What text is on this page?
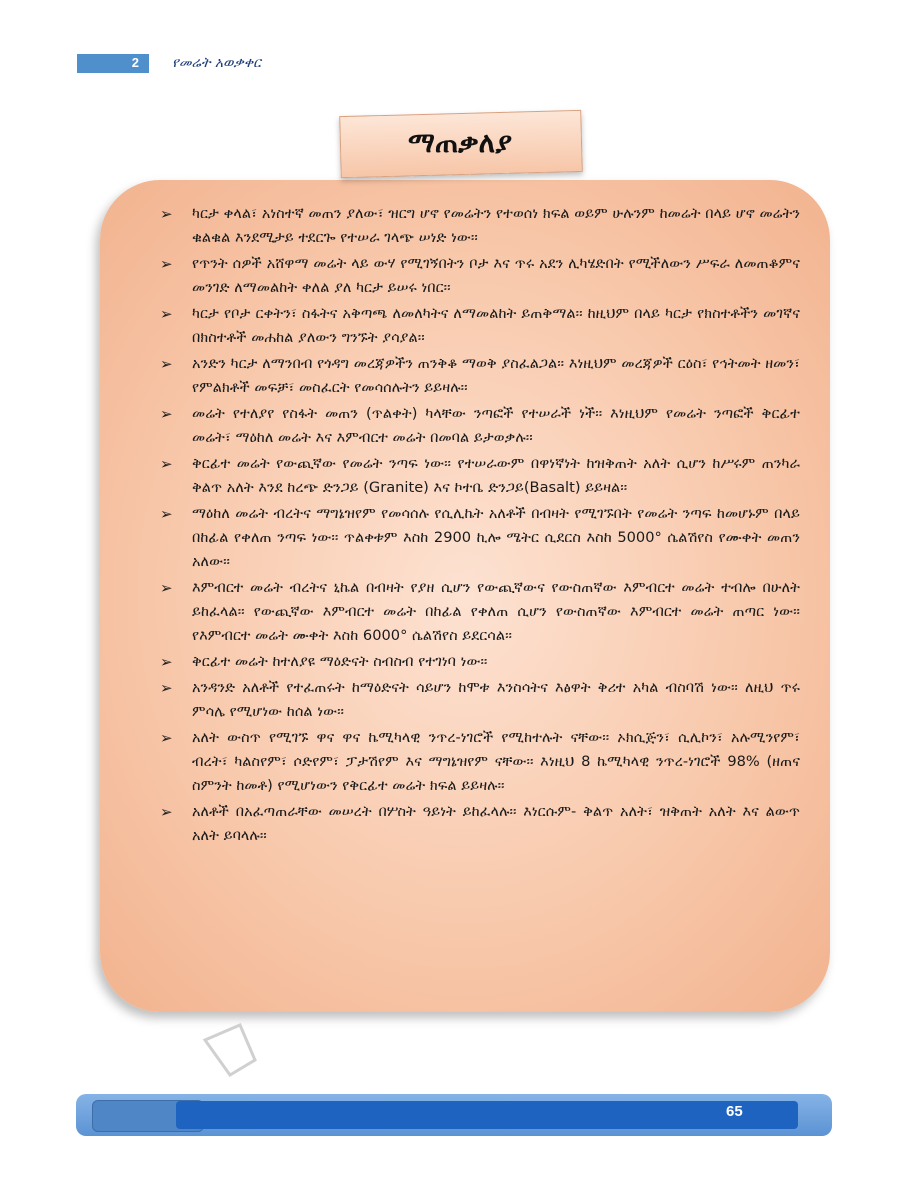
2 የመሬት አወቃቀር
ማጠቃለያ
➢ ካርታ ቀላል፣ አነስተኛ መጠን ያለው፣ ዝርግ ሆኖ የመሬትን የተወሰነ ክፍል ወይም ሁሉንም ከመሬት በላይ ሆኖ መሬትን ቁልቁል እንደሚታይ ተደርጐ የተሠራ ገላጭ ሠነድ ነው፡፡
➢ የጥንት ሰዎች አሸዋማ መሬት ላይ ውሃ የሚገኝበትን ቦታ እና ጥሩ አደን ሊካሄድበት የሚችለውን ሥፍራ ለመጠቆምና መንገድ ለማመልከት ቀለል ያለ ካርታ ይሠሩ ነበር፡፡
➢ ካርታ የቦታ ርቀትን፣ ስፋትና አቅጣጫ ለመለካትና ለማመልከት ይጠቅማል፡፡ ከዚህም በላይ ካርታ የክስተቶችን መገኛና በክስተቶች መሐከል ያለውን ግንኙት ያሳያል፡፡
➢ አንድን ካርታ ለማንበብ የጎዳግ መረጃዎችን ጠንቅቆ ማወቅ ያስፈልጋል፡፡ እነዚህም መረጃዎች ርዕስ፣ የኅትመት ዘመን፣ የምልክቶች መፍቻ፣ መስፈርት የመሳሰሉትን ይይዛሉ፡፡
➢ መሬት የተለያየ የስፋት መጠን (ጥልቀት) ካላቸው ንጣፎች የተሠራች ነች፡፡ እነዚህም የመሬት ንጣፎች ቅርፊተ መሬት፣ ማዕከለ መሬት እና እምብርተ መሬት በመባል ይታወቃሉ፡፡
➢ ቅርፊተ መሬት የውጪኛው የመሬት ንጣፍ ነው፡፡ የተሠራውም በዋነኛነት ከዝቅጠት አለት ሲሆን ከሥሩም ጠንካራ ቅልጥ አለት እንደ ከረጭ ድንጋይ (Granite) እና ኮተቤ ድንጋይ(Basalt) ይይዛል፡፡
➢ ማዕከለ መሬት ብረትና ማግኔዝየም የመሳሰሉ የሲሊኬት አለቶች በብዛት የሚገኙበት የመሬት ንጣፍ ከመሆኑም በላይ በከፊል የቀለጠ ንጣፍ ነው፡፡ ጥልቀቱም እስከ 2900 ኪሎ ሜትር ሲደርስ እስከ 5000° ሴልሽየስ የሙቀት መጠን አለው፡፡
➢ እምብርተ መሬት ብረትና ኒኬል በብዛት የያዘ ሲሆን የውጪኛውና የውስጠኛው እምብርተ መሬት ተብሎ በሁለት ይከፈላል፡፡ የውጪኛው እምብርተ መሬት በከፊል የቀለጠ ሲሆን የውስጠኛው እምብርተ መሬት ጠጣር ነው፡፡ የእምብርተ መሬት ሙቀት እስከ 6000° ሴልሽየስ ይደርሳል፡፡
➢ ቅርፊተ መሬት ከተለያዩ ማዕድናት ስብስብ የተገነባ ነው፡፡
➢ አንዳንድ አለቶች የተፈጠሩት ከማዕድናት ሳይሆን ከሞቱ እንስሳትና እፅዋት ቅሪተ አካል ብስባሽ ነው፡፡ ለዚህ ጥሩ ምሳሌ የሚሆነው ከሰል ነው፡፡
➢ አለት ውስጥ የሚገኙ ዋና ዋና ኬሚካላዊ ንጥረ-ነገሮች የሚከተሉት ናቸው፡፡ ኦክሲጅን፣ ሲሊኮን፣ አሉሚንየም፣ ብረት፣ ካልስየም፣ ሶድየም፣ ፓታሽየም እና ማግኔዝየም ናቸው፡፡ እነዚህ 8 ኬሚካላዊ ንጥረ-ነገሮች 98% (ዘጠና ስምንት ከመቶ) የሚሆነውን የቅርፊተ መሬት ክፍል ይይዛሉ፡፡
➢ አለቶች በአፈጣጠራቸው መሠረት በሦስት ዓይነት ይከፈላሉ፡፡ እነርሱም- ቅልጥ አለት፣ ዝቅጠት አለት እና ልውጥ አለት ይባላሉ፡፡
65
